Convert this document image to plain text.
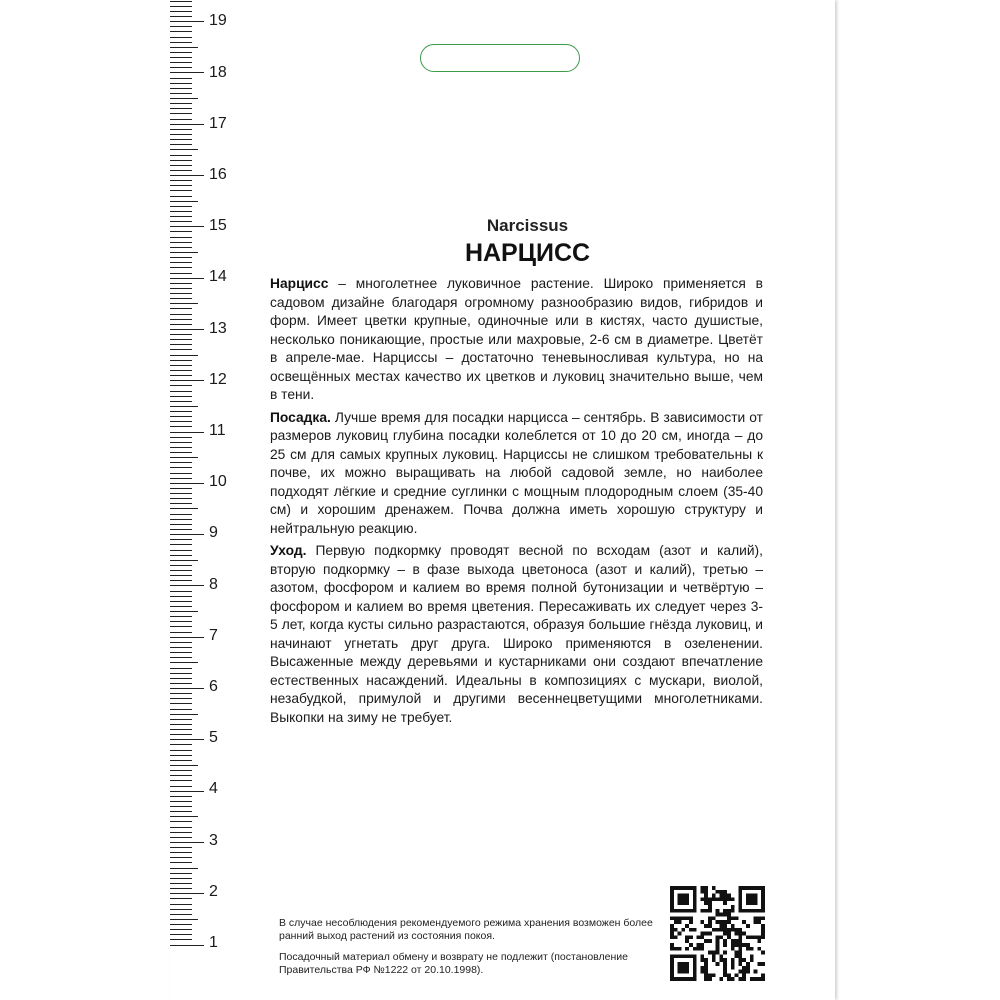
19
18
17
16
15
14
13
12
11
10
9
8
7
6
5
4
3
2
1
Narcissus
НАРЦИСС

Нарцисс – многолетнее луковичное растение. Широко применяется в садовом дизайне благодаря огромному разнообразию видов, гибридов и форм. Имеет цветки крупные, одиночные или в кистях, часто душистые, несколько поникающие, простые или махровые, 2-6 см в диаметре. Цветёт в апреле-мае. Нарциссы – достаточно теневыносливая культура, но на освещённых местах качество их цветков и луковиц значительно выше, чем в тени.

Посадка. Лучше время для посадки нарцисса – сентябрь. В зависимости от размеров луковиц глубина посадки колеблется от 10 до 20 см, иногда – до 25 см для самых крупных луковиц. Нарциссы не слишком требовательны к почве, их можно выращивать на любой садовой земле, но наиболее подходят лёгкие и средние суглинки с мощным плодородным слоем (35-40 см) и хорошим дренажем. Почва должна иметь хорошую структуру и нейтральную реакцию.

Уход. Первую подкормку проводят весной по всходам (азот и калий), вторую подкормку – в фазе выхода цветоноса (азот и калий), третью – азотом, фосфором и калием во время полной бутонизации и четвёртую – фосфором и калием во время цветения. Пересаживать их следует через 3-5 лет, когда кусты сильно разрастаются, образуя большие гнёзда луковиц, и начинают угнетать друг друга. Широко применяются в озеленении. Высаженные между деревьями и кустарниками они создают впечатление естественных насаждений. Идеальны в композициях с мускари, виолой, незабудкой, примулой и другими весеннецветущими многолетниками. Выкопки на зиму не требует.

В случае несоблюдения рекомендуемого режима хранения возможен более ранний выход растений из состояния покоя.

Посадочный материал обмену и возврату не подлежит (постановление Правительства РФ №1222 от 20.10.1998).
